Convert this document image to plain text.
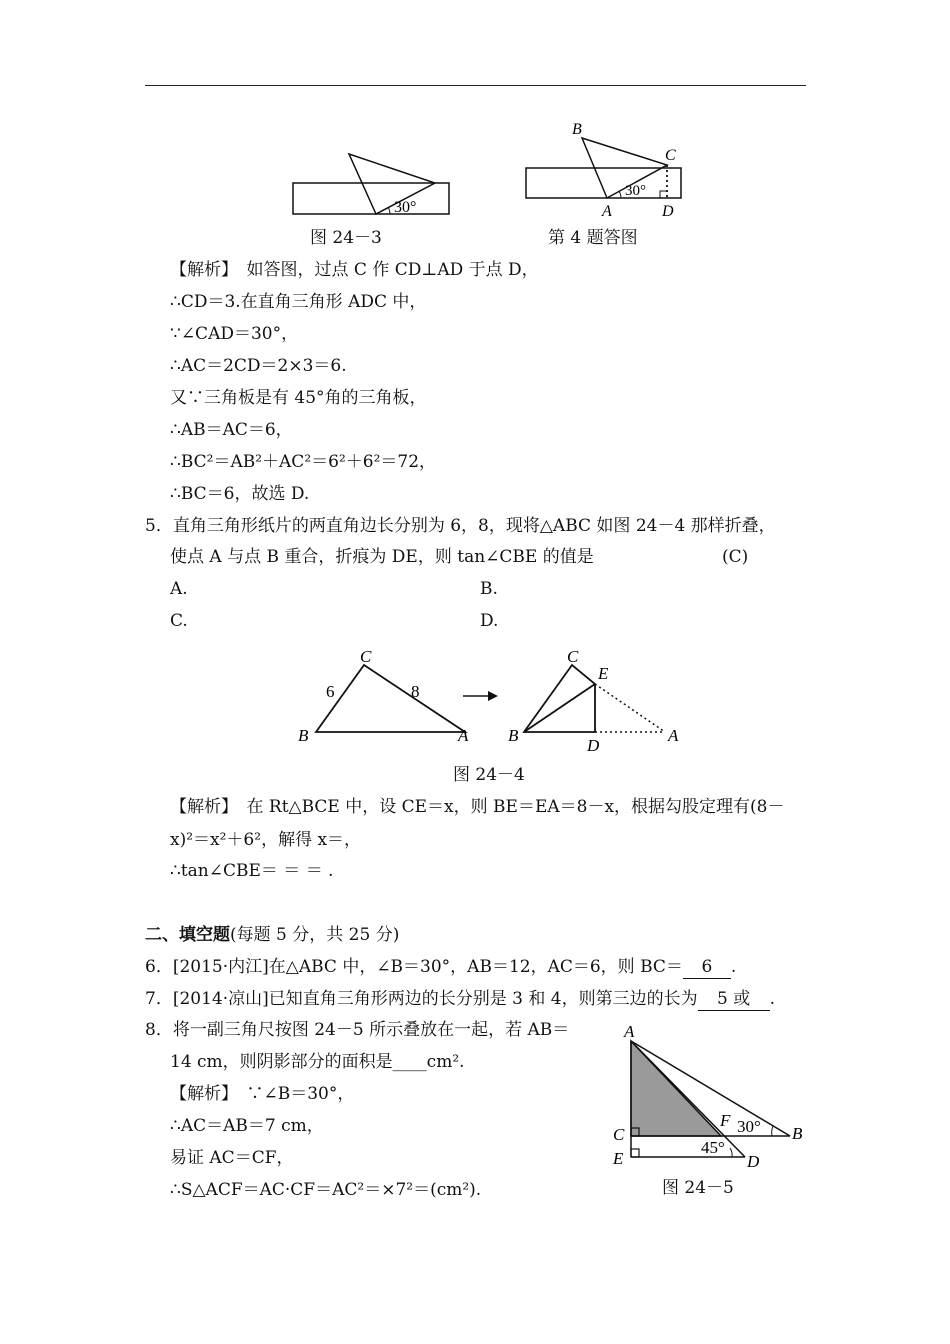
30°
图 24－3
B
C
A	D
30°
第 4 题答图
【解析】　如答图，过点 C 作 CD⊥AD 于点 D，
∴CD＝3.在直角三角形 ADC 中，
∵∠CAD＝30°，
∴AC＝2CD＝2×3＝6.
又∵三角板是有 45°角的三角板，
∴AB＝AC＝6，
∴BC²＝AB²＋AC²＝6²＋6²＝72，
∴BC＝6，故选 D.
5．直角三角形纸片的两直角边长分别为 6，8，现将△ABC 如图 24－4 那样折叠，
使点 A 与点 B 重合，折痕为 DE，则 tan∠CBE 的值是	(C)
A.	B.
C.	D.
C
B	A
6	8
C
E
B
D
A
图 24－4
【解析】　在 Rt△BCE 中，设 CE＝x，则 BE＝EA＝8－x，根据勾股定理有(8－
x)²＝x²＋6²，解得 x＝，
∴tan∠CBE＝ ＝ ＝ .
二、填空题(每题 5 分，共 25 分)
6．[2015·内江]在△ABC 中，∠B＝30°，AB＝12，AC＝6，则 BC＝ 6 .
7．[2014·凉山]已知直角三角形两边的长分别是 3 和 4，则第三边的长为 5 或 .
8．将一副三角尺按图 24－5 所示叠放在一起，若 AB＝
14 cm，则阴影部分的面积是____cm².
【解析】　∵∠B＝30°，
∴AC＝AB＝7 cm，
易证 AC＝CF，
∴S△ACF＝AC·CF＝AC²＝×7²＝(cm²).
A
C
E
F
B
D
30°
45°
图 24－5
